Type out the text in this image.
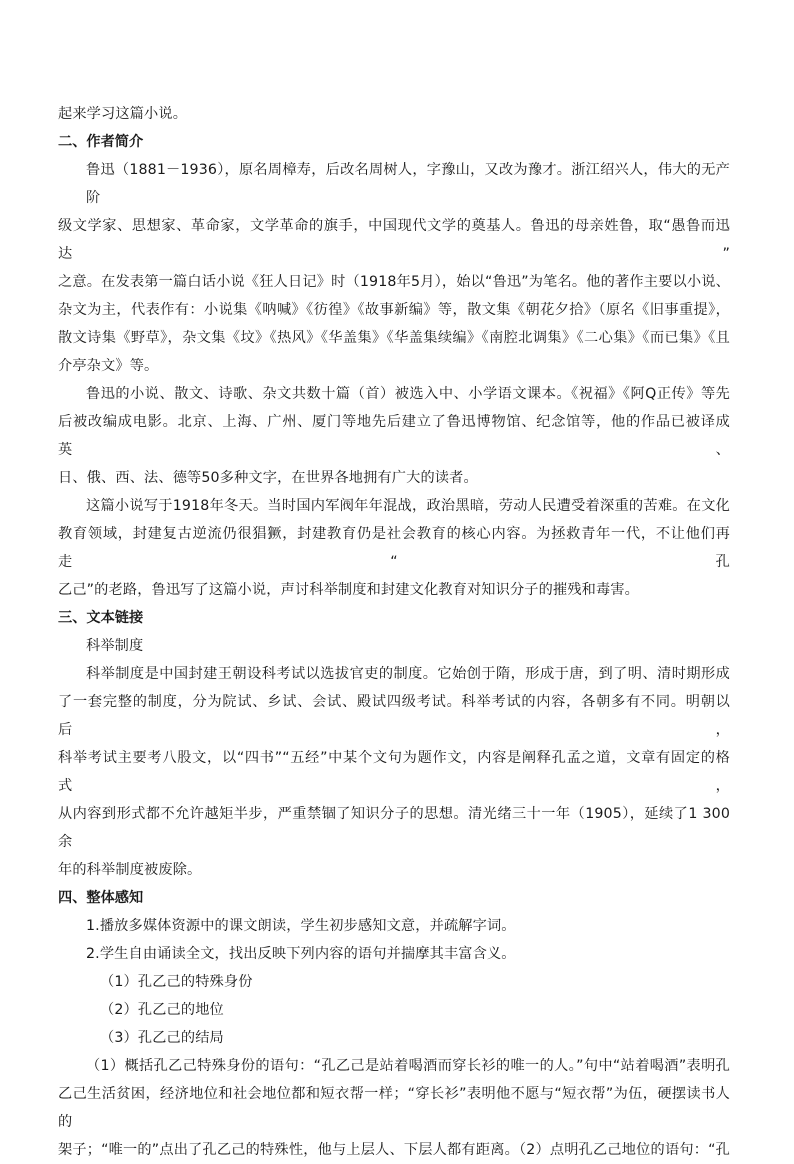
起来学习这篇小说。

二、作者简介

鲁迅（1881－1936），原名周樟寿，后改名周树人，字豫山，又改为豫才。浙江绍兴人，伟大的无产阶

级文学家、思想家、革命家，文学革命的旗手，中国现代文学的奠基人。鲁迅的母亲姓鲁，取“愚鲁而迅达”

之意。在发表第一篇白话小说《狂人日记》时（1918年5月），始以“鲁迅”为笔名。他的著作主要以小说、

杂文为主，代表作有：小说集《呐喊》《彷徨》《故事新编》等，散文集《朝花夕拾》（原名《旧事重提》，

散文诗集《野草》，杂文集《坟》《热风》《华盖集》《华盖集续编》《南腔北调集》《二心集》《而已集》《且

介亭杂文》等。

鲁迅的小说、散文、诗歌、杂文共数十篇（首）被选入中、小学语文课本。《祝福》《阿Q正传》等先

后被改编成电影。北京、上海、广州、厦门等地先后建立了鲁迅博物馆、纪念馆等，他的作品已被译成英、

日、俄、西、法、德等50多种文字，在世界各地拥有广大的读者。

这篇小说写于1918年冬天。当时国内军阀年年混战，政治黑暗，劳动人民遭受着深重的苦难。在文化

教育领域，封建复古逆流仍很猖獗，封建教育仍是社会教育的核心内容。为拯救青年一代，不让他们再走“孔

乙己”的老路，鲁迅写了这篇小说，声讨科举制度和封建文化教育对知识分子的摧残和毒害。

三、文本链接

科举制度

科举制度是中国封建王朝设科考试以选拔官吏的制度。它始创于隋，形成于唐，到了明、清时期形成

了一套完整的制度，分为院试、乡试、会试、殿试四级考试。科举考试的内容，各朝多有不同。明朝以后，

科举考试主要考八股文，以“四书”“五经”中某个文句为题作文，内容是阐释孔孟之道，文章有固定的格式，

从内容到形式都不允许越矩半步，严重禁锢了知识分子的思想。清光绪三十一年（1905），延续了1 300余

年的科举制度被废除。

四、整体感知

1.播放多媒体资源中的课文朗读，学生初步感知文意，并疏解字词。

2.学生自由诵读全文，找出反映下列内容的语句并揣摩其丰富含义。

（1）孔乙己的特殊身份

（2）孔乙己的地位

（3）孔乙己的结局

（1）概括孔乙己特殊身份的语句：“孔乙己是站着喝酒而穿长衫的唯一的人。”句中“站着喝酒”表明孔

乙己生活贫困，经济地位和社会地位都和短衣帮一样；“穿长衫”表明他不愿与“短衣帮”为伍，硬摆读书人的

架子；“唯一的”点出了孔乙己的特殊性，他与上层人、下层人都有距离。（2）点明孔乙己地位的语句：“孔
